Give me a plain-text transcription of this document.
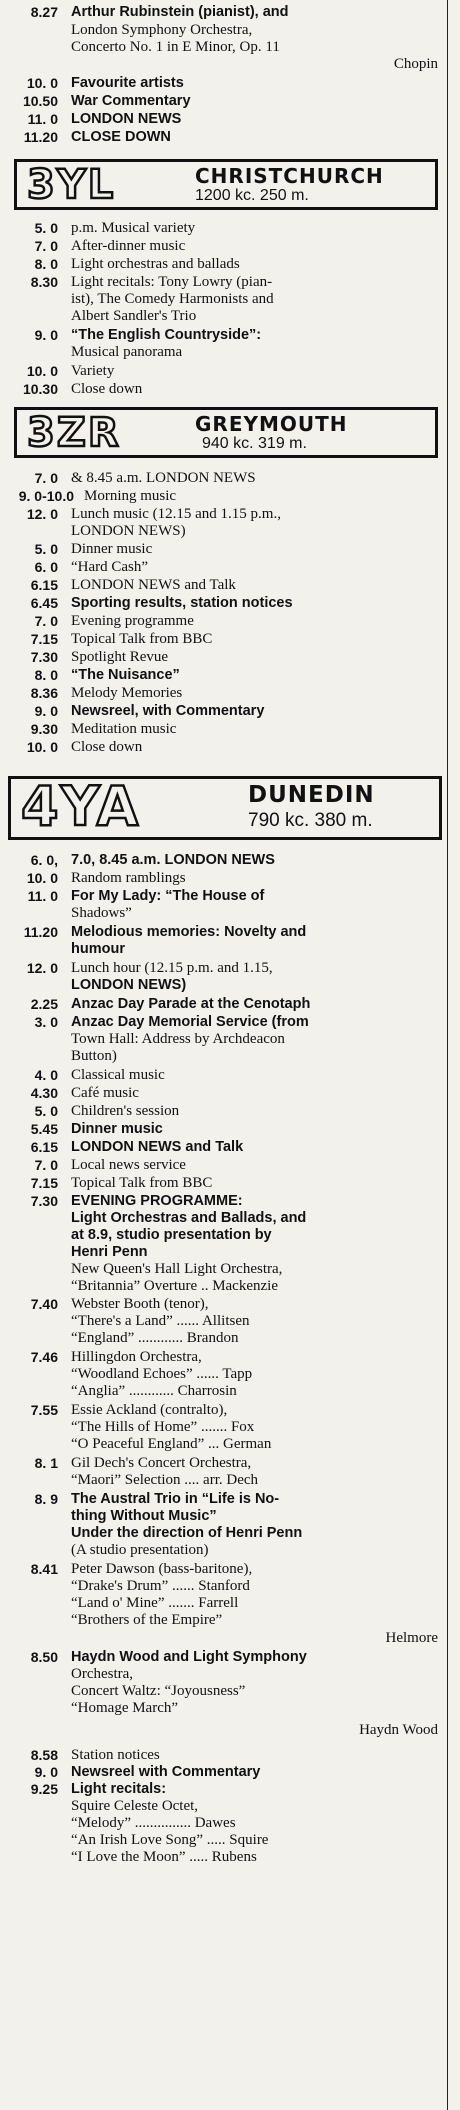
8.27 Arthur Rubinstein (pianist), and
London Symphony Orchestra,
Concerto No. 1 in E Minor, Op. 11
Chopin
10. 0 Favourite artists
10.50 War Commentary
11. 0 LONDON NEWS
11.20 CLOSE DOWN
3YL	CHRISTCHURCH
1200 kc. 250 m.
5. 0 p.m. Musical variety
7. 0 After-dinner music
8. 0 Light orchestras and ballads
8.30 Light recitals: Tony Lowry (pian-
ist), The Comedy Harmonists and
Albert Sandler's Trio
9. 0 “The English Countryside”:
Musical panorama
10. 0 Variety
10.30 Close down
3ZR	GREYMOUTH
940 kc. 319 m.
7. 0 & 8.45 a.m. LONDON NEWS
9. 0-10.0 Morning music
12. 0 Lunch music (12.15 and 1.15 p.m.,
LONDON NEWS)
5. 0 Dinner music
6. 0 “Hard Cash”
6.15 LONDON NEWS and Talk
6.45 Sporting results, station notices
7. 0 Evening programme
7.15 Topical Talk from BBC
7.30 Spotlight Revue
8. 0 “The Nuisance”
8.36 Melody Memories
9. 0 Newsreel, with Commentary
9.30 Meditation music
10. 0 Close down
4YA	DUNEDIN
790 kc. 380 m.
6. 0, 7.0, 8.45 a.m. LONDON NEWS
10. 0 Random ramblings
11. 0 For My Lady: “The House of
Shadows”
11.20 Melodious memories: Novelty and
humour
12. 0 Lunch hour (12.15 p.m. and 1.15,
LONDON NEWS)
2.25 Anzac Day Parade at the Cenotaph
3. 0 Anzac Day Memorial Service (from
Town Hall: Address by Archdeacon
Button)
4. 0 Classical music
4.30 Café music
5. 0 Children's session
5.45 Dinner music
6.15 LONDON NEWS and Talk
7. 0 Local news service
7.15 Topical Talk from BBC
7.30 EVENING PROGRAMME:
Light Orchestras and Ballads, and
at 8.9, studio presentation by
Henri Penn
New Queen's Hall Light Orchestra,
“Britannia” Overture .. Mackenzie
7.40 Webster Booth (tenor),
“There's a Land” ...... Allitsen
“England” ............ Brandon
7.46 Hillingdon Orchestra,
“Woodland Echoes” ...... Tapp
“Anglia” ............ Charrosin
7.55 Essie Ackland (contralto),
“The Hills of Home” ....... Fox
“O Peaceful England” ... German
8. 1 Gil Dech's Concert Orchestra,
“Maori” Selection .... arr. Dech
8. 9 The Austral Trio in “Life is No-
thing Without Music”
Under the direction of Henri Penn
(A studio presentation)
8.41 Peter Dawson (bass-baritone),
“Drake's Drum” ...... Stanford
“Land o' Mine” ....... Farrell
“Brothers of the Empire”
Helmore
8.50 Haydn Wood and Light Symphony
Orchestra,
Concert Waltz: “Joyousness”
“Homage March”
Haydn Wood
8.58 Station notices
9. 0 Newsreel with Commentary
9.25 Light recitals:
Squire Celeste Octet,
“Melody” ............... Dawes
“An Irish Love Song” ..... Squire
“I Love the Moon” ..... Rubens
